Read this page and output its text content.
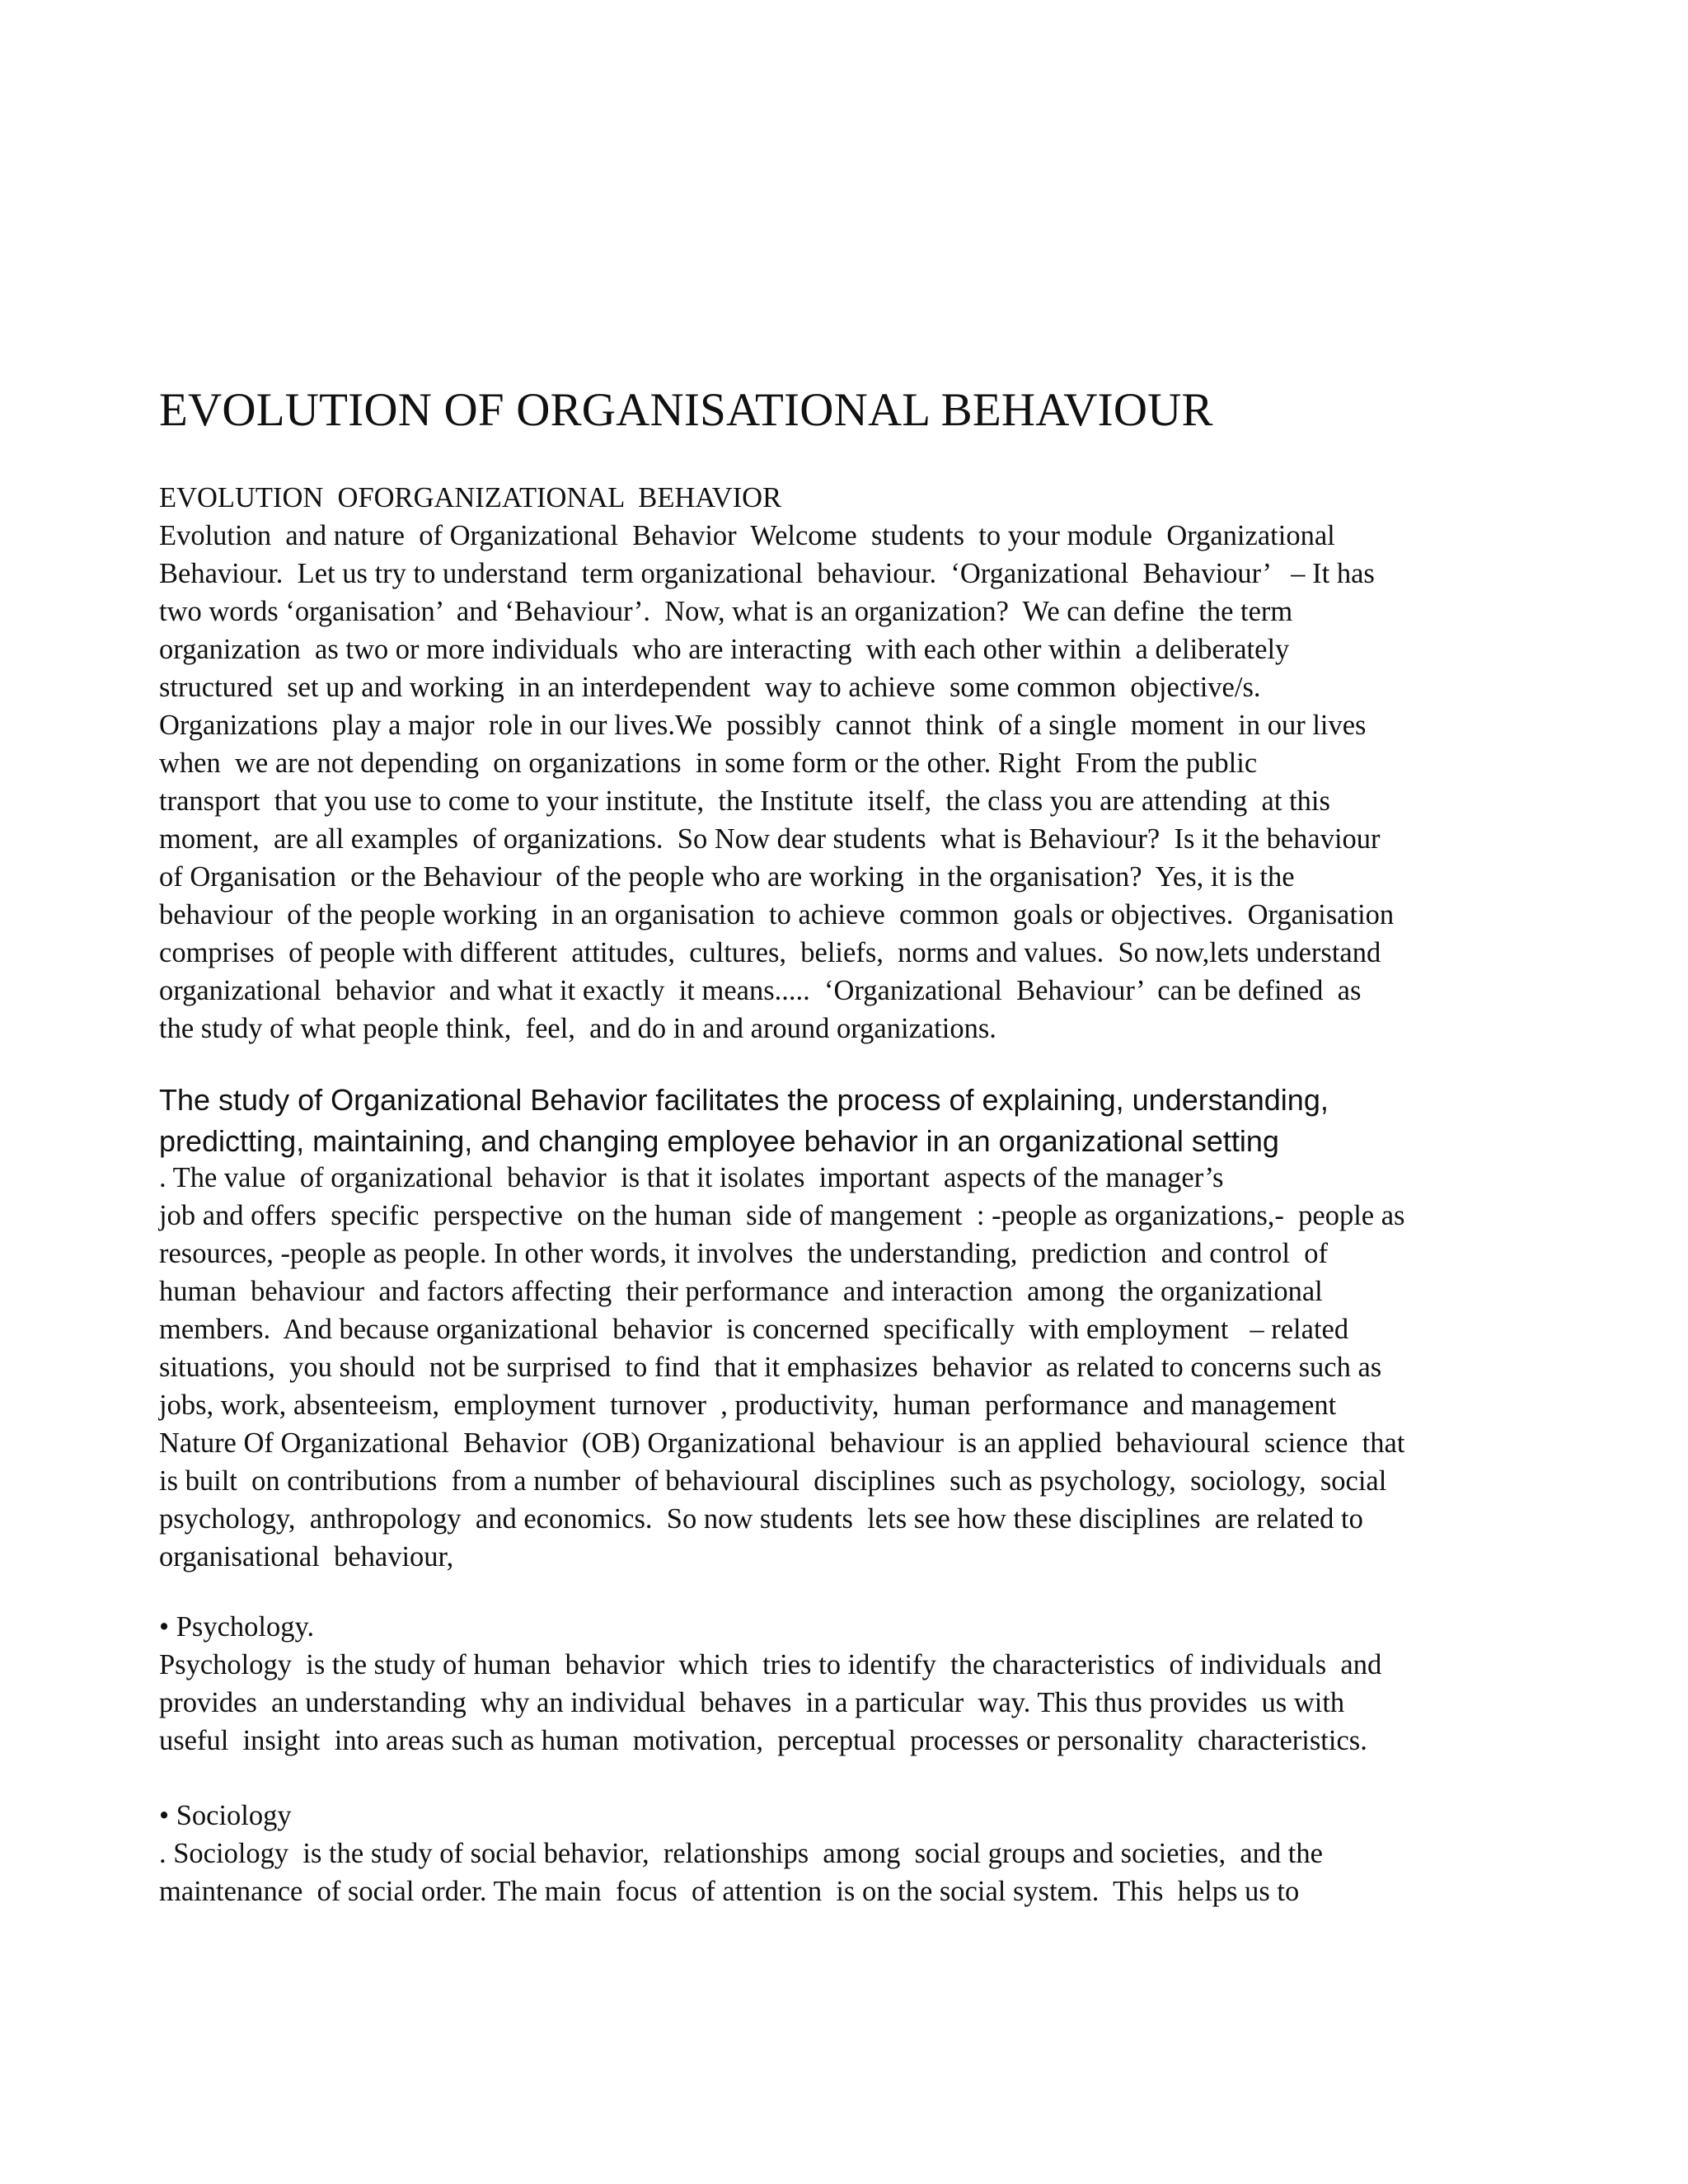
EVOLUTION OF ORGANISATIONAL BEHAVIOUR
EVOLUTION  OFORGANIZATIONAL  BEHAVIOR
Evolution  and nature  of Organizational  Behavior  Welcome  students  to your module  Organizational
Behaviour.  Let us try to understand  term organizational  behaviour.  ‘Organizational  Behaviour’   – It has
two words ‘organisation’  and ‘Behaviour’.  Now, what is an organization?  We can define  the term
organization  as two or more individuals  who are interacting  with each other within  a deliberately
structured  set up and working  in an interdependent  way to achieve  some common  objective/s.
Organizations  play a major  role in our lives.We  possibly  cannot  think  of a single  moment  in our lives
when  we are not depending  on organizations  in some form or the other. Right  From the public
transport  that you use to come to your institute,  the Institute  itself,  the class you are attending  at this
moment,  are all examples  of organizations.  So Now dear students  what is Behaviour?  Is it the behaviour
of Organisation  or the Behaviour  of the people who are working  in the organisation?  Yes, it is the
behaviour  of the people working  in an organisation  to achieve  common  goals or objectives.  Organisation
comprises  of people with different  attitudes,  cultures,  beliefs,  norms and values.  So now,lets understand
organizational  behavior  and what it exactly  it means.....  ‘Organizational  Behaviour’  can be defined  as
the study of what people think,  feel,  and do in and around organizations.
The study of Organizational Behavior facilitates the process of explaining, understanding,
predictting, maintaining, and changing employee behavior in an organizational setting
. The value  of organizational  behavior  is that it isolates  important  aspects of the manager’s
job and offers  specific  perspective  on the human  side of mangement  : -people as organizations,-  people as
resources, -people as people. In other words, it involves  the understanding,  prediction  and control  of
human  behaviour  and factors affecting  their performance  and interaction  among  the organizational
members.  And because organizational  behavior  is concerned  specifically  with employment   – related
situations,  you should  not be surprised  to find  that it emphasizes  behavior  as related to concerns such as
jobs, work, absenteeism,  employment  turnover  , productivity,  human  performance  and management
Nature Of Organizational  Behavior  (OB) Organizational  behaviour  is an applied  behavioural  science  that
is built  on contributions  from a number  of behavioural  disciplines  such as psychology,  sociology,  social
psychology,  anthropology  and economics.  So now students  lets see how these disciplines  are related to
organisational  behaviour,
• Psychology.
Psychology  is the study of human  behavior  which  tries to identify  the characteristics  of individuals  and
provides  an understanding  why an individual  behaves  in a particular  way. This thus provides  us with
useful  insight  into areas such as human  motivation,  perceptual  processes or personality  characteristics.
• Sociology
. Sociology  is the study of social behavior,  relationships  among  social groups and societies,  and the
maintenance  of social order. The main  focus  of attention  is on the social system.  This  helps us to
